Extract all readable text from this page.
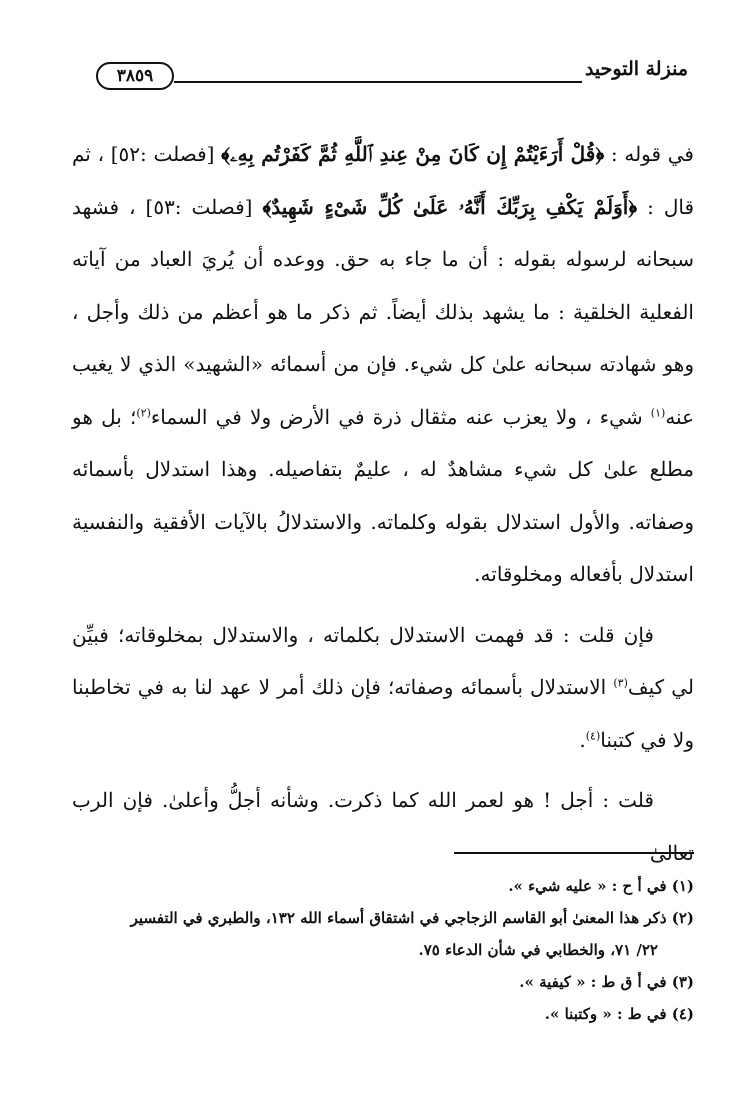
منزلة التوحيد
٣٨٥٩

في قوله : ﴿قُلْ أَرَءَيْتُمْ إِن كَانَ مِنْ عِندِ ٱللَّهِ ثُمَّ كَفَرْتُم بِهِۦ﴾ [فصلت :٥٢] ، ثم قال : ﴿أَوَلَمْ يَكْفِ بِرَبِّكَ أَنَّهُۥ عَلَىٰ كُلِّ شَىْءٍ شَهِيدٌ﴾ [فصلت :٥٣] ، فشهد سبحانه لرسوله بقوله : أن ما جاء به حق. ووعده أن يُريَ العباد من آياته الفعلية الخلقية : ما يشهد بذلك أيضاً. ثم ذكر ما هو أعظم من ذلك وأجل ، وهو شهادته سبحانه علىٰ كل شيء. فإن من أسمائه «الشهيد» الذي لا يغيب عنه$^{(١)}$ شيء ، ولا يعزب عنه مثقال ذرة في الأرض ولا في السماء$^{(٢)}$؛ بل هو مطلع علىٰ كل شيء مشاهدٌ له ، عليمٌ بتفاصيله. وهذا استدلال بأسمائه وصفاته. والأول استدلال بقوله وكلماته. والاستدلالُ بالآيات الأفقية والنفسية استدلال بأفعاله ومخلوقاته.

فإن قلت : قد فهمت الاستدلال بكلماته ، والاستدلال بمخلوقاته؛ فبيِّن لي كيف$^{(٣)}$ الاستدلال بأسمائه وصفاته؛ فإن ذلك أمر لا عهد لنا به في تخاطبنا ولا في كتبنا$^{(٤)}$.

قلت : أجل ! هو لعمر الله كما ذكرت. وشأنه أجلُّ وأعلىٰ. فإن الرب تعالىٰ

(١) في أ ح : « عليه شيء ».

(٢) ذكر هذا المعنىٰ أبو القاسم الزجاجي في اشتقاق أسماء الله ١٣٢، والطبري في التفسير

٢٢/ ٧١، والخطابي في شأن الدعاء ٧٥.

(٣) في أ ق ط : « كيفية ».

(٤) في ط : « وكتبنا ».
